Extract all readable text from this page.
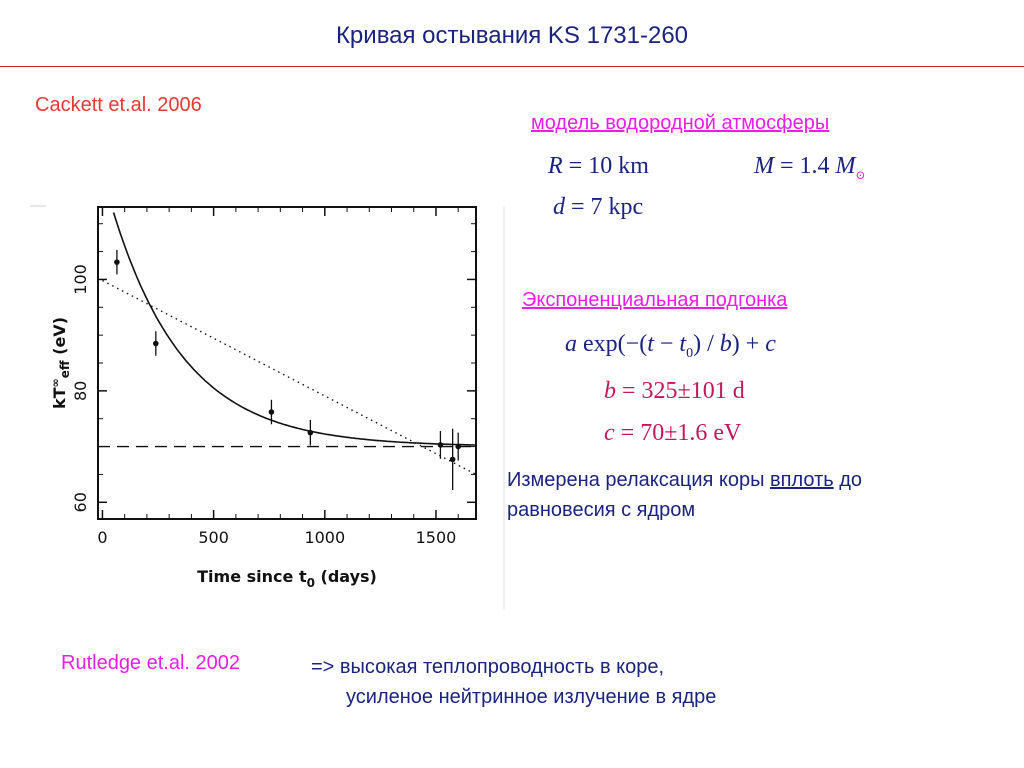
Кривая остывания KS 1731-260
Cackett et.al. 2006
модель водородной атмосферы
R = 10 km	M = 1.4 $M_⊙$
d = 7 kpc
Экспоненциальная подгонка
a $\exp(-(t - t_0) / b) + c$
b = 325±101 d
c = 70±1.6 eV
Измерена релаксация коры вплоть до
равновесия с ядром
Rutledge et.al. 2002	=> высокая теплопроводность в коре,
усиленое нейтринное излучение в ядре
0	500	1000	1500
60
80
100
Time since $t_0$ (days)
$kT^\infty_{eff}$ (eV)
